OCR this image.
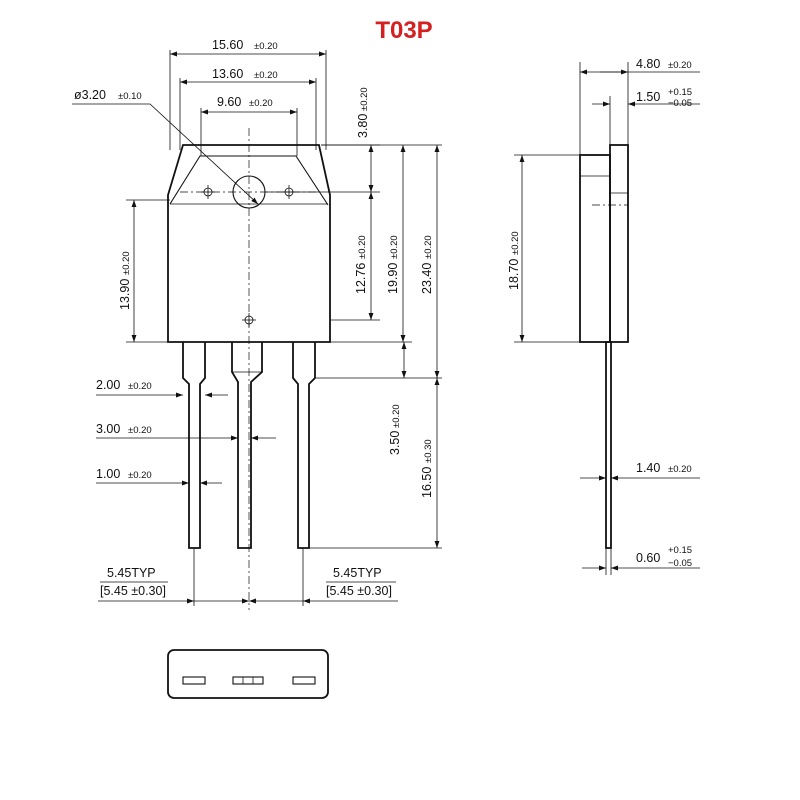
T03P
15.60 ±0.20
13.60 ±0.20
9.60 ±0.20
ø3.20 ±0.10
3.80
±0.20
12.76
±0.20
19.90
±0.20
23.40
±0.20
13.90
±0.20
3.50
±0.20
16.50
±0.30
2.00 ±0.20
3.00 ±0.20
1.00 ±0.20
5.45TYP
[5.45 ±0.30]
5.45TYP
[5.45 ±0.30]
4.80 ±0.20
1.50 +0.15
−0.05
18.70
±0.20
1.40 ±0.20
0.60
+0.15
−0.05
